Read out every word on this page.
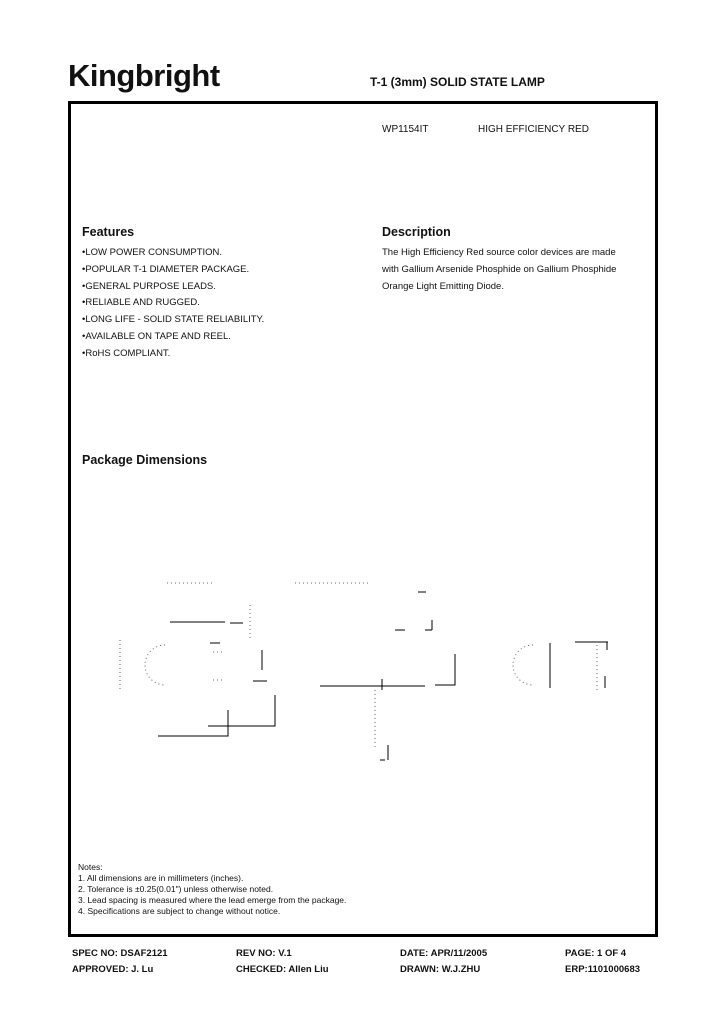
Kingbright	T-1 (3mm) SOLID STATE LAMP
WP1154IT	HIGH EFFICIENCY RED
Features
•LOW POWER CONSUMPTION.
•POPULAR T-1 DIAMETER PACKAGE.
•GENERAL PURPOSE LEADS.
•RELIABLE AND RUGGED.
•LONG LIFE - SOLID STATE RELIABILITY.
•AVAILABLE ON TAPE AND REEL.
•RoHS COMPLIANT.
Description
The High Efficiency Red source color devices are made
with Gallium Arsenide Phosphide on Gallium Phosphide
Orange Light Emitting Diode.
Package Dimensions
Notes:
1. All dimensions are in millimeters (inches).
2. Tolerance is ±0.25(0.01") unless otherwise noted.
3. Lead spacing is measured where the lead emerge from the package.
4. Specifications are subject to change without notice.
SPEC NO: DSAF2121	REV NO: V.1	DATE: APR/11/2005	PAGE: 1 OF 4
APPROVED: J. Lu	CHECKED: Allen Liu	DRAWN: W.J.ZHU	ERP:1101000683
